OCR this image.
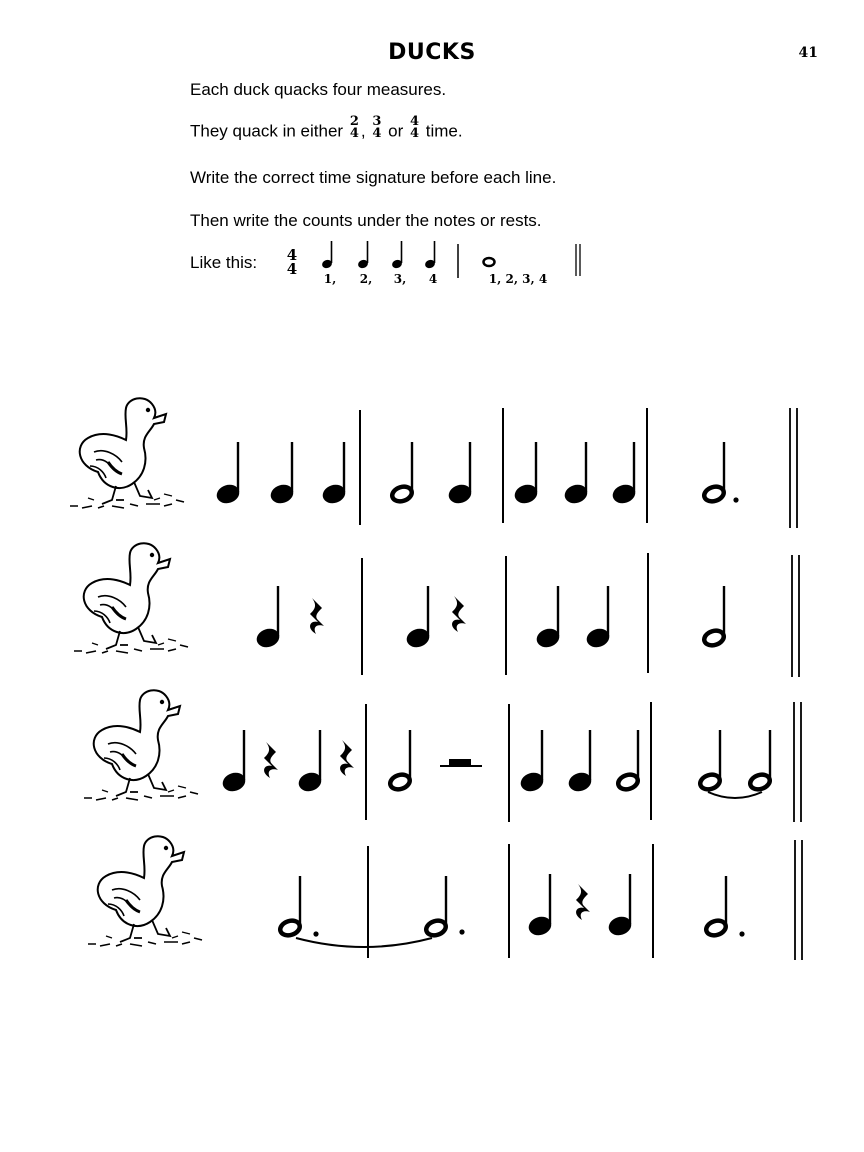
DUCKS	41
Each duck quacks four measures.
They quack in either 2
4 , 3
4 or 4
4 time.
Write the correct time signature before each line.
Then write the counts under the notes or rests.
Like this: 4
4
1, 2, 3, 4	1, 2, 3, 4
